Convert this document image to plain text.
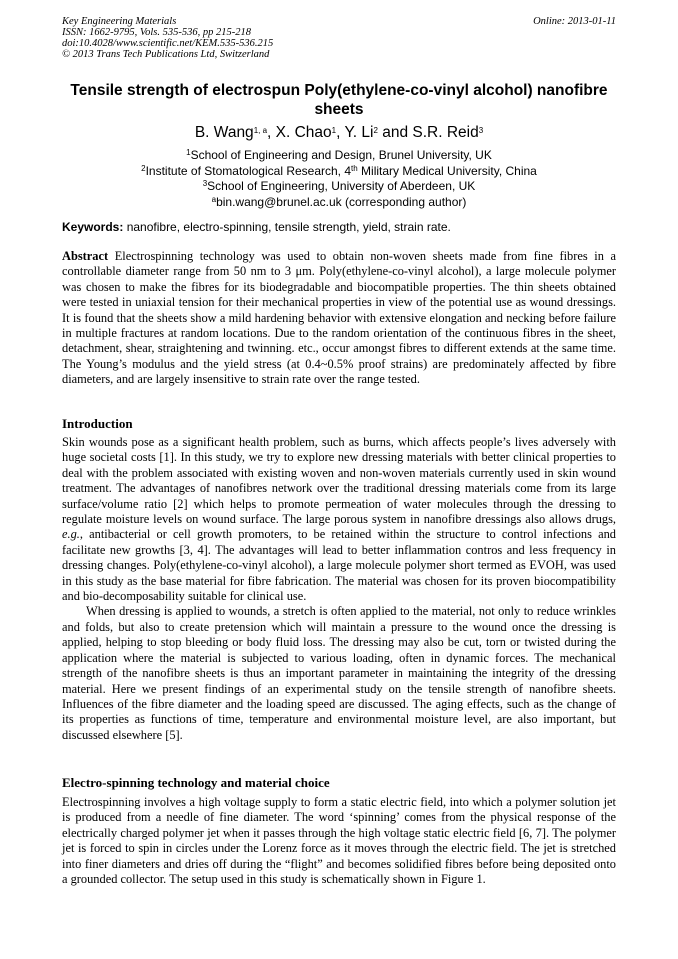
Key Engineering Materials
ISSN: 1662-9795, Vols. 535-536, pp 215-218
doi:10.4028/www.scientific.net/KEM.535-536.215
© 2013 Trans Tech Publications Ltd, Switzerland
Online: 2013-01-11
Tensile strength of electrospun Poly(ethylene-co-vinyl alcohol) nanofibre sheets
B. Wang$^{1, a}$, X. Chao$^1$, Y. Li$^2$ and S.R. Reid$^3$
$^1$School of Engineering and Design, Brunel University, UK
$^2$Institute of Stomatological Research, 4th Military Medical University, China
$^3$School of Engineering, University of Aberdeen, UK
$^a$bin.wang@brunel.ac.uk (corresponding author)
Keywords: nanofibre, electro-spinning, tensile strength, yield, strain rate.

Abstract Electrospinning technology was used to obtain non-woven sheets made from fine fibres in a controllable diameter range from 50 nm to 3 μm. Poly(ethylene-co-vinyl alcohol), a large molecule polymer was chosen to make the fibres for its biodegradable and biocompatible properties. The thin sheets obtained were tested in uniaxial tension for their mechanical properties in view of the potential use as wound dressings. It is found that the sheets show a mild hardening behavior with extensive elongation and necking before failure in multiple fractures at random locations. Due to the random orientation of the continuous fibres in the sheet, detachment, shear, straightening and twinning. etc., occur amongst fibres to different extends at the same time. The Young’s modulus and the yield stress (at 0.4~0.5% proof strains) are predominately affected by fibre diameters, and are largely insensitive to strain rate over the range tested.

Introduction

Skin wounds pose as a significant health problem, such as burns, which affects people’s lives adversely with huge societal costs [1]. In this study, we try to explore new dressing materials with better clinical properties to deal with the problem associated with existing woven and non-woven materials currently used in skin wound treatment. The advantages of nanofibres network over the traditional dressing materials come from its large surface/volume ratio [2] which helps to promote permeation of water molecules through the dressing to regulate moisture levels on wound surface. The large porous system in nanofibre dressings also allows drugs, e.g., antibacterial or cell growth promoters, to be retained within the structure to control infections and facilitate new growths [3, 4]. The advantages will lead to better inflammation contros and less frequency in dressing changes. Poly(ethylene-co-vinyl alcohol), a large molecule polymer short termed as EVOH, was used in this study as the base material for fibre fabrication. The material was chosen for its proven biocompatibility and bio-decomposability suitable for clinical use.

When dressing is applied to wounds, a stretch is often applied to the material, not only to reduce wrinkles and folds, but also to create pretension which will maintain a pressure to the wound once the dressing is applied, helping to stop bleeding or body fluid loss. The dressing may also be cut, torn or twisted during the application where the material is subjected to various loading, often in dynamic forces. The mechanical strength of the nanofibre sheets is thus an important parameter in maintaining the integrity of the dressing material. Here we present findings of an experimental study on the tensile strength of nanofibre sheets. Influences of the fibre diameter and the loading speed are discussed. The aging effects, such as the change of its properties as functions of time, temperature and environmental moisture level, are also important, but discussed elsewhere [5].

Electro-spinning technology and material choice

Electrospinning involves a high voltage supply to form a static electric field, into which a polymer solution jet is produced from a needle of fine diameter. The word ‘spinning’ comes from the physical response of the electrically charged polymer jet when it passes through the high voltage static electric field [6, 7]. The polymer jet is forced to spin in circles under the Lorenz force as it moves through the electric field. The jet is stretched into finer diameters and dries off during the “flight” and becomes solidified fibres before being deposited onto a grounded collector. The setup used in this study is schematically shown in Figure 1.
